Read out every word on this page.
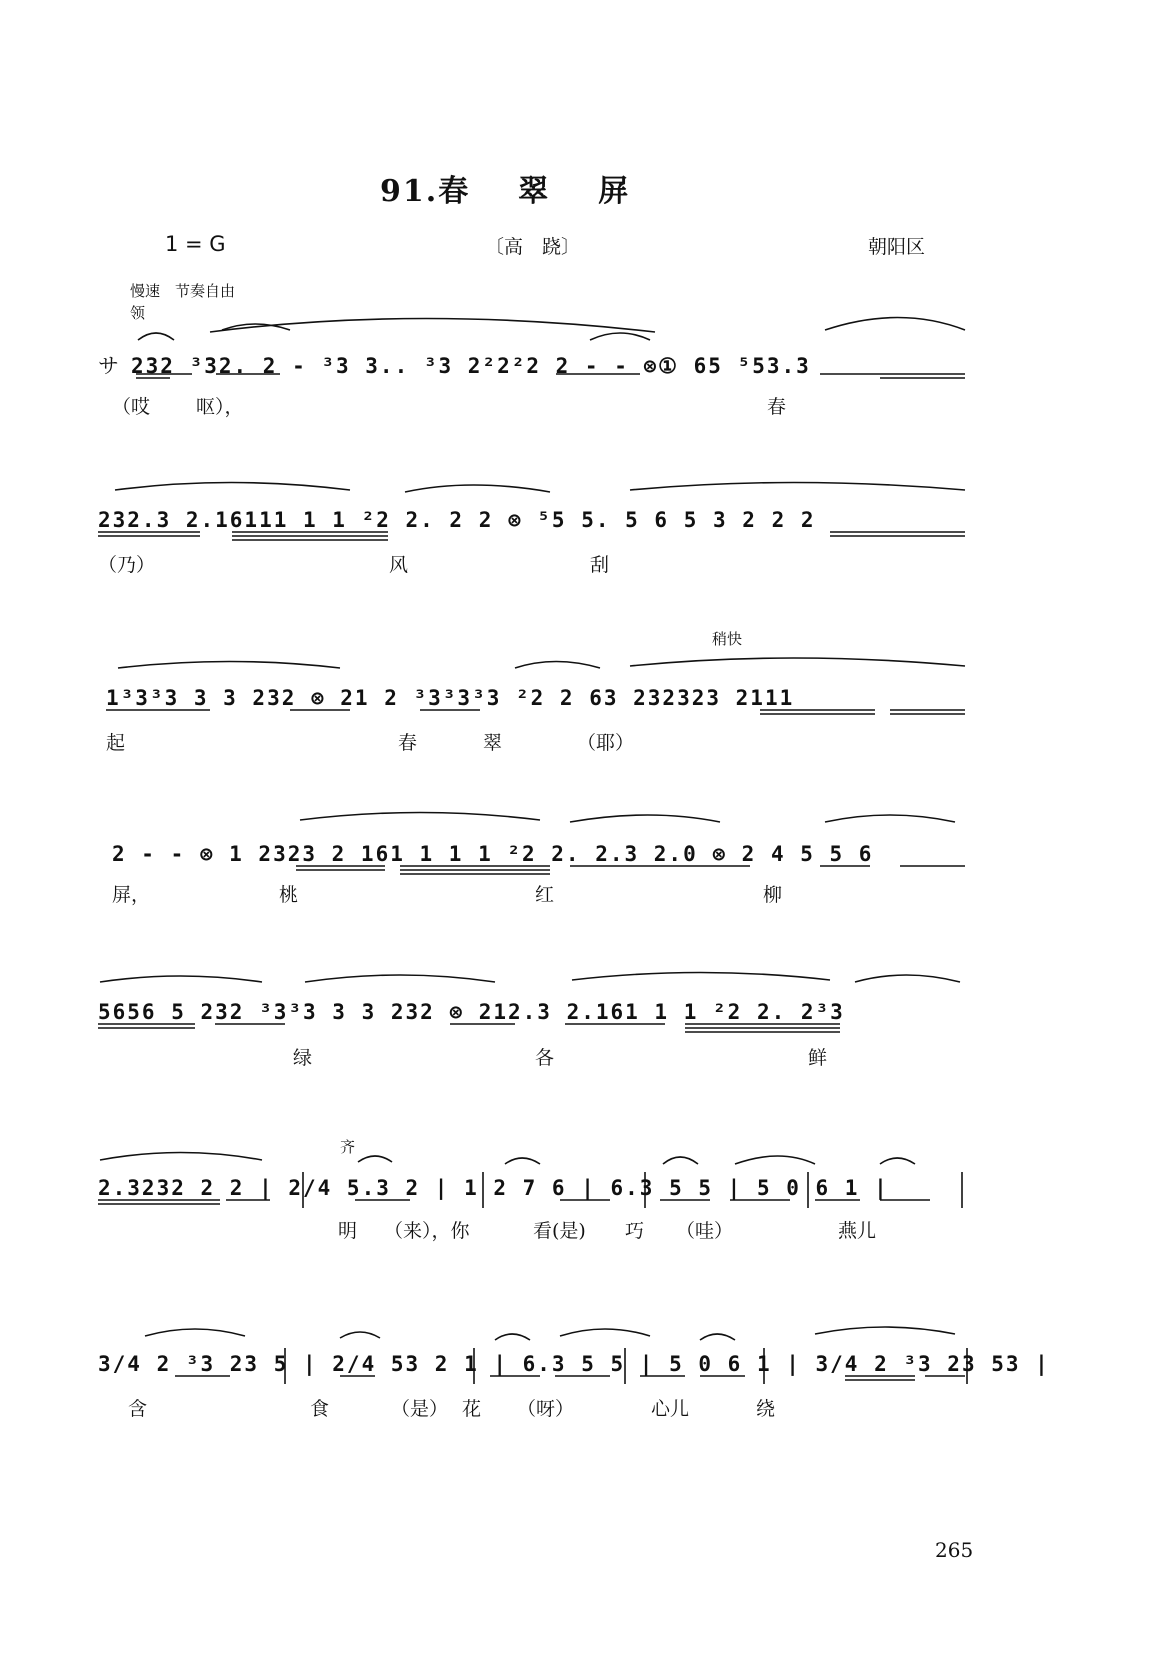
91.春 翠 屏
1 = G	〔高　跷〕	朝阳区
慢速　节奏自由
领
稍快
齐
サ 232 ³32. 2 - ³3 3.. ³3 2²2²2 2 - - ⊗① 65 ⁵53.3
（哎 呕），	春
232.3 2.16111 1 1 ²2 2. 2 2 ⊗ ⁵5 5. 5 6 5 3 2 2 2
（乃）	风	刮
1³3³3 3 3 232 ⊗ 21 2 ³3³3³3 ²2 2 63 232323 2111
起	春	翠	（耶）
2 - - ⊗ 1 2323 2 161 1 1 1 ²2 2. 2.3 2.0 ⊗ 2 4 5 5 6
屏，	桃	红	柳
5656 5 232 ³3³3 3 3 232 ⊗ 212.3 2.161 1 1 ²2 2. 2³3
绿	各	鲜
2.3232 2 2 | 2/4 5.3 2 | 1 2 7 6 | 6.3 5 5 | 5 0 6 1 |
明 （来），你	看(是) 巧 （哇）	燕儿
3/4 2 ³3 23 5 | 2/4 53 2 1 | 6.3 5 5 | 5 0 6 1 | 3/4 2 ³3 23 53 |
含	食	（是） 花 （呀）	心儿	绕
265
